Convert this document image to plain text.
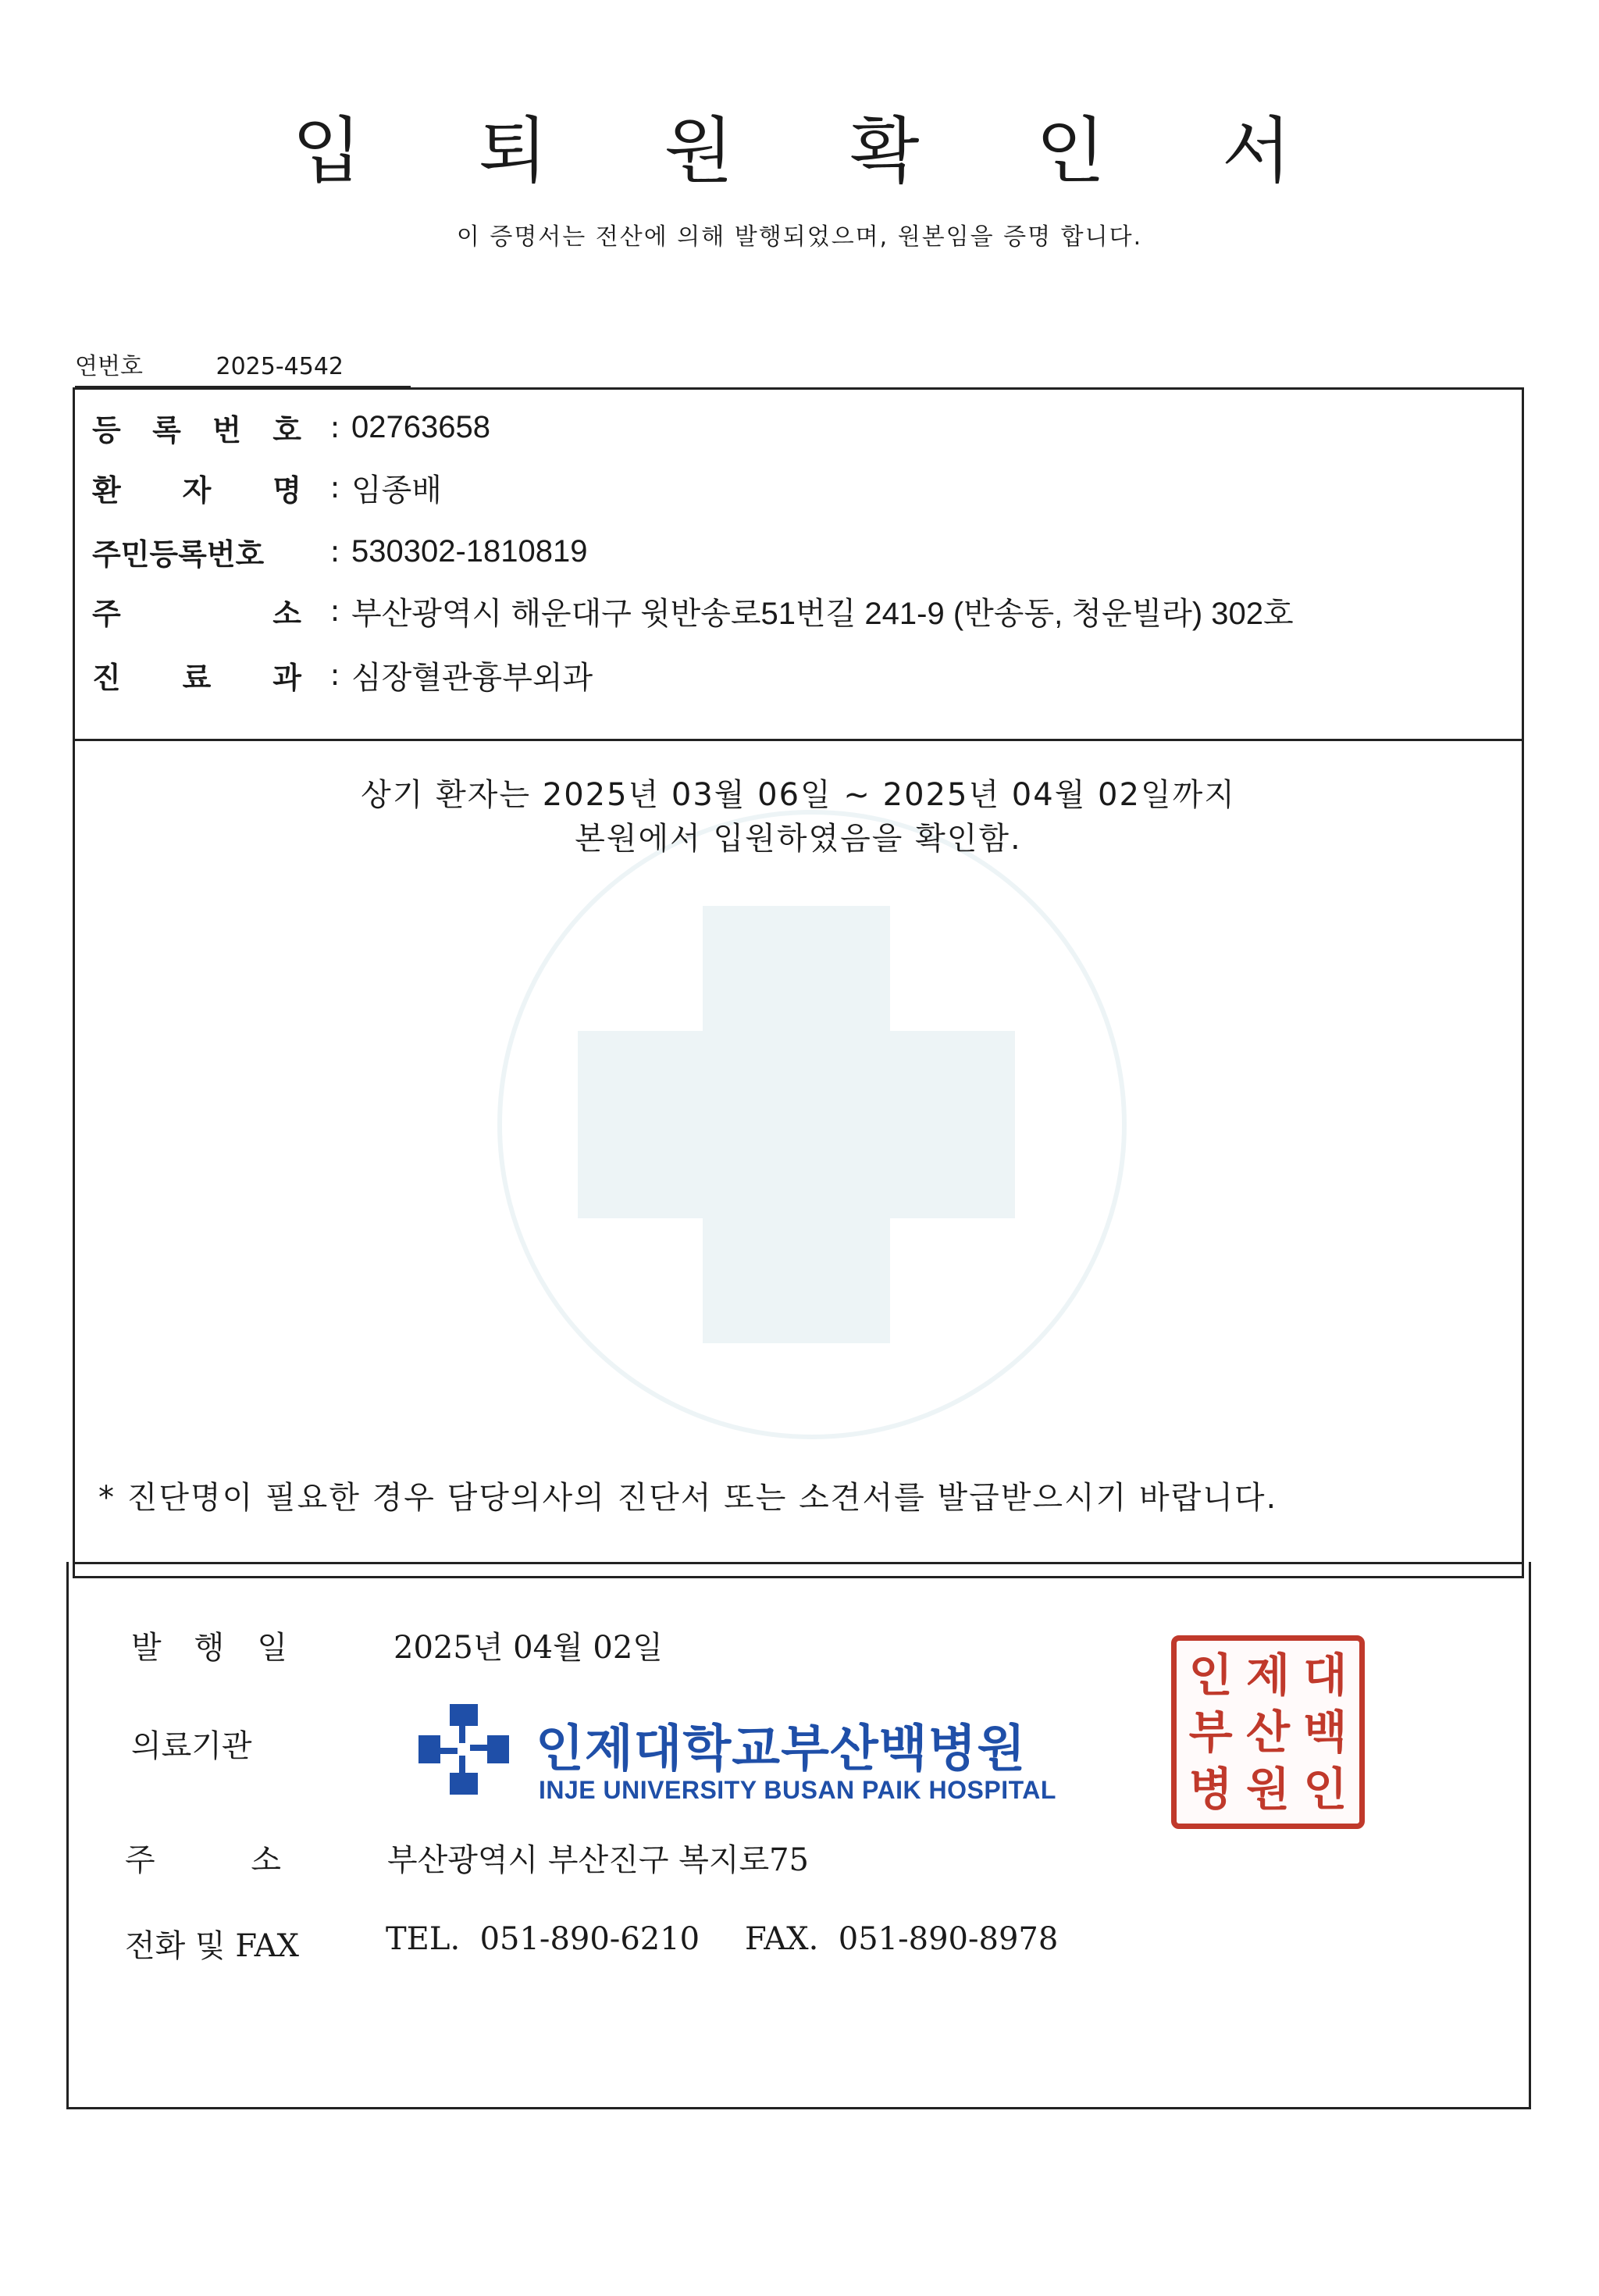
입 퇴 원 확 인 서
이 증명서는 전산에 의해 발행되었으며, 원본임을 증명 합니다.
연번호	2025-4542
등 록 번 호 : 02763658
환 자 명 : 임종배
주민등록번호	: 530302-1810819
주	소 : 부산광역시 해운대구 윗반송로51번길 241-9 (반송동, 청운빌라) 302호
진 료 과 : 심장혈관흉부외과
상기 환자는 2025년 03월 06일 ~ 2025년 04월 02일까지
본원에서 입원하였음을 확인함.
* 진단명이 필요한 경우 담당의사의 진단서 또는 소견서를 발급받으시기 바랍니다.
발 행 일	2025년 04월 02일
의료기관	인제대학교부산백병원
INJE UNIVERSITY BUSAN PAIK HOSPITAL
인 제 대
부 산 백
병 원 인
주	소	부산광역시 부산진구 복지로75
전화 및 FAX	TEL.  051-890-6210 FAX.  051-890-8978
